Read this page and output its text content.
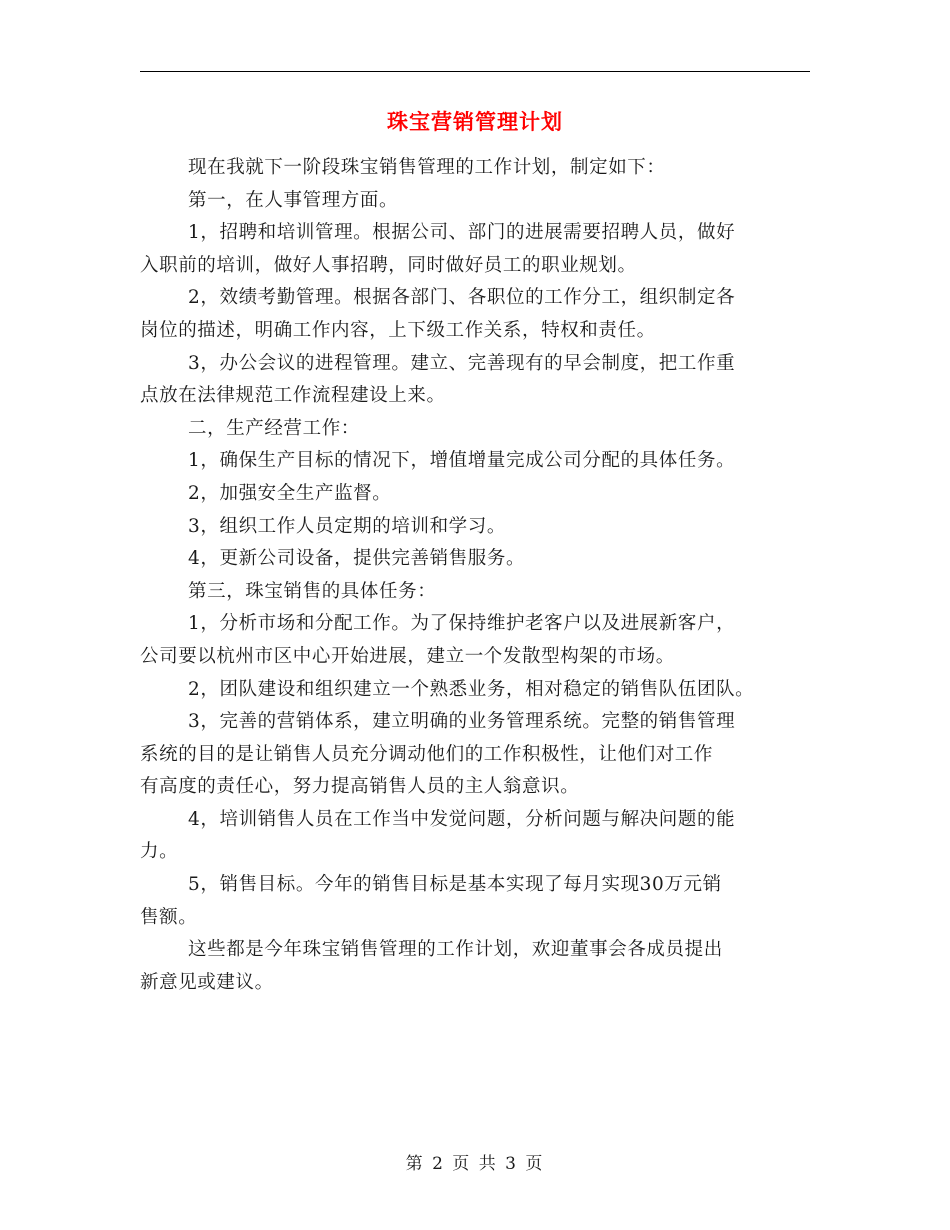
珠宝营销管理计划

现在我就下一阶段珠宝销售管理的工作计划，制定如下：

第一，在人事管理方面。

1，招聘和培训管理。根据公司、部门的进展需要招聘人员，做好
入职前的培训，做好人事招聘，同时做好员工的职业规划。

2，效绩考勤管理。根据各部门、各职位的工作分工，组织制定各
岗位的描述，明确工作内容，上下级工作关系，特权和责任。

3，办公会议的进程管理。建立、完善现有的早会制度，把工作重
点放在法律规范工作流程建设上来。

二，生产经营工作：

1，确保生产目标的情况下，增值增量完成公司分配的具体任务。

2，加强安全生产监督。

3，组织工作人员定期的培训和学习。

4，更新公司设备，提供完善销售服务。

第三，珠宝销售的具体任务：

1，分析市场和分配工作。为了保持维护老客户以及进展新客户，
公司要以杭州市区中心开始进展，建立一个发散型构架的市场。

2，团队建设和组织建立一个熟悉业务，相对稳定的销售队伍团队。

3，完善的营销体系，建立明确的业务管理系统。完整的销售管理
系统的目的是让销售人员充分调动他们的工作积极性，让他们对工作
有高度的责任心，努力提高销售人员的主人翁意识。

4，培训销售人员在工作当中发觉问题，分析问题与解决问题的能
力。

5，销售目标。今年的销售目标是基本实现了每月实现30万元销
售额。

这些都是今年珠宝销售管理的工作计划，欢迎董事会各成员提出
新意见或建议。

第 2 页 共 3 页
